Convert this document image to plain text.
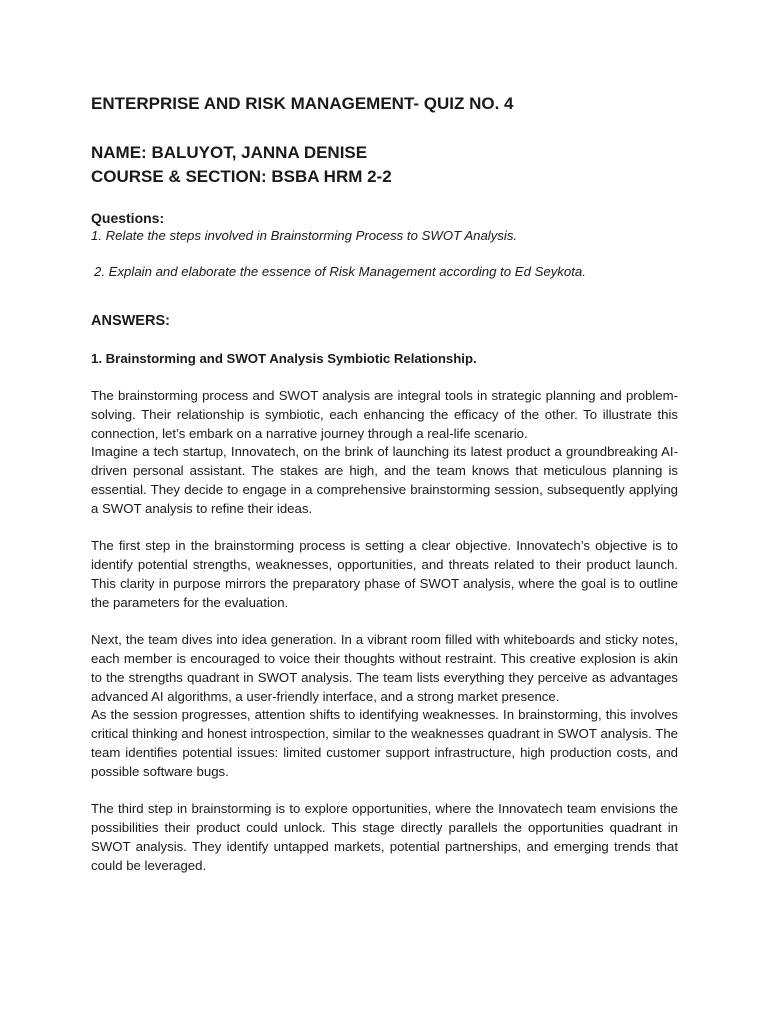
ENTERPRISE AND RISK MANAGEMENT- QUIZ NO. 4

NAME: BALUYOT, JANNA DENISE

COURSE & SECTION: BSBA HRM 2-2

Questions:

1. Relate the steps involved in Brainstorming Process to SWOT Analysis.

2. Explain and elaborate the essence of Risk Management according to Ed Seykota.

ANSWERS:

1. Brainstorming and SWOT Analysis Symbiotic Relationship.

The brainstorming process and SWOT analysis are integral tools in strategic planning and problem-solving. Their relationship is symbiotic, each enhancing the efficacy of the other. To illustrate this connection, let’s embark on a narrative journey through a real-life scenario.

Imagine a tech startup, Innovatech, on the brink of launching its latest product a groundbreaking AI-driven personal assistant. The stakes are high, and the team knows that meticulous planning is essential. They decide to engage in a comprehensive brainstorming session, subsequently applying a SWOT analysis to refine their ideas.

The first step in the brainstorming process is setting a clear objective. Innovatech’s objective is to identify potential strengths, weaknesses, opportunities, and threats related to their product launch. This clarity in purpose mirrors the preparatory phase of SWOT analysis, where the goal is to outline the parameters for the evaluation.

Next, the team dives into idea generation. In a vibrant room filled with whiteboards and sticky notes, each member is encouraged to voice their thoughts without restraint. This creative explosion is akin to the strengths quadrant in SWOT analysis. The team lists everything they perceive as advantages advanced AI algorithms, a user-friendly interface, and a strong market presence.

As the session progresses, attention shifts to identifying weaknesses. In brainstorming, this involves critical thinking and honest introspection, similar to the weaknesses quadrant in SWOT analysis. The team identifies potential issues: limited customer support infrastructure, high production costs, and possible software bugs.

The third step in brainstorming is to explore opportunities, where the Innovatech team envisions the possibilities their product could unlock. This stage directly parallels the opportunities quadrant in SWOT analysis. They identify untapped markets, potential partnerships, and emerging trends that could be leveraged.
